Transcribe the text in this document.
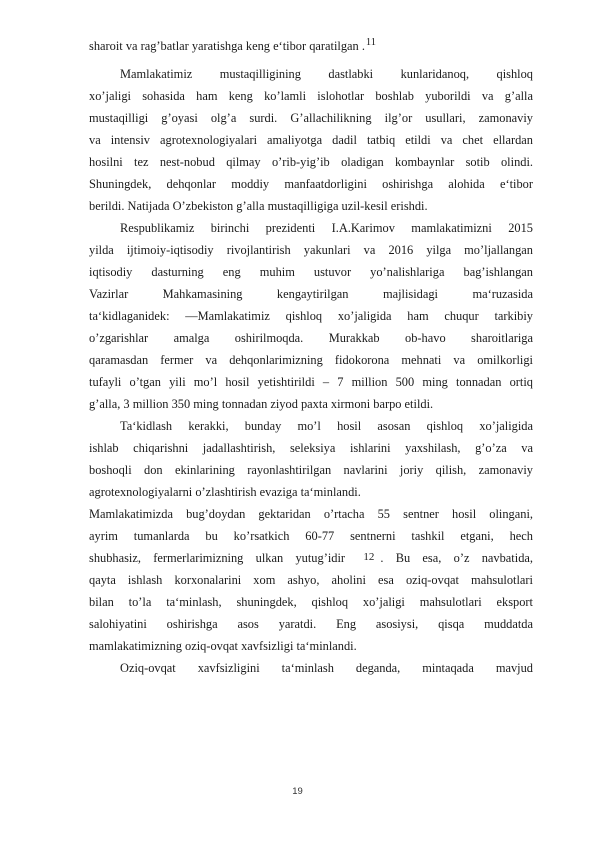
sharoit va rag’batlar yaratishga keng e‘tibor qaratilgan .$^{11}$
Mamlakatimiz mustaqilligining dastlabki kunlaridanoq, qishloq
xo’jaligi sohasida ham keng ko’lamli islohotlar boshlab yuborildi va g’alla
mustaqilligi g’oyasi olg’a surdi. G’allachilikning ilg’or usullari, zamonaviy
va intensiv agrotexnologiyalari amaliyotga dadil tatbiq etildi va chet ellardan
hosilni tez nest-nobud qilmay o’rib-yig’ib oladigan kombaynlar sotib olindi.
Shuningdek, dehqonlar moddiy manfaatdorligini oshirishga alohida e‘tibor
berildi. Natijada O’zbekiston g’alla mustaqilligiga uzil-kesil erishdi.
Respublikamiz birinchi prezidenti I.A.Karimov mamlakatimizni 2015
yilda ijtimoiy-iqtisodiy rivojlantirish yakunlari va 2016 yilga mo’ljallangan
iqtisodiy dasturning eng muhim ustuvor yo’nalishlariga bag’ishlangan
Vazirlar Mahkamasining kengaytirilgan majlisidagi ma‘ruzasida
ta‘kidlaganidek: ―Mamlakatimiz qishloq xo’jaligida ham chuqur tarkibiy
o’zgarishlar amalga oshirilmoqda. Murakkab ob-havo sharoitlariga
qaramasdan fermer va dehqonlarimizning fidokorona mehnati va omilkorligi
tufayli o’tgan yili mo’l hosil yetishtirildi – 7 million 500 ming tonnadan ortiq
g’alla, 3 million 350 ming tonnadan ziyod paxta xirmoni barpo etildi.
Ta‘kidlash kerakki, bunday mo’l hosil asosan qishloq xo’jaligida
ishlab chiqarishni jadallashtirish, seleksiya ishlarini yaxshilash, g’o’za va
boshoqli don ekinlarining rayonlashtirilgan navlarini joriy qilish, zamonaviy
agrotexnologiyalarni o’zlashtirish evaziga ta‘minlandi.
Mamlakatimizda bug’doydan gektaridan o’rtacha 55 sentner hosil olingani,
ayrim tumanlarda bu ko’rsatkich 60-77 sentnerni tashkil etgani, hech
shubhasiz, fermerlarimizning ulkan yutug’idir 12 . Bu esa, o’z navbatida,
qayta ishlash korxonalarini xom ashyo, aholini esa oziq-ovqat mahsulotlari
bilan to’la ta‘minlash, shuningdek, qishloq xo’jaligi mahsulotlari eksport
salohiyatini oshirishga asos yaratdi. Eng asosiysi, qisqa muddatda
mamlakatimizning oziq-ovqat xavfsizligi ta‘minlandi.
Oziq-ovqat xavfsizligini ta‘minlash deganda, mintaqada mavjud
19
